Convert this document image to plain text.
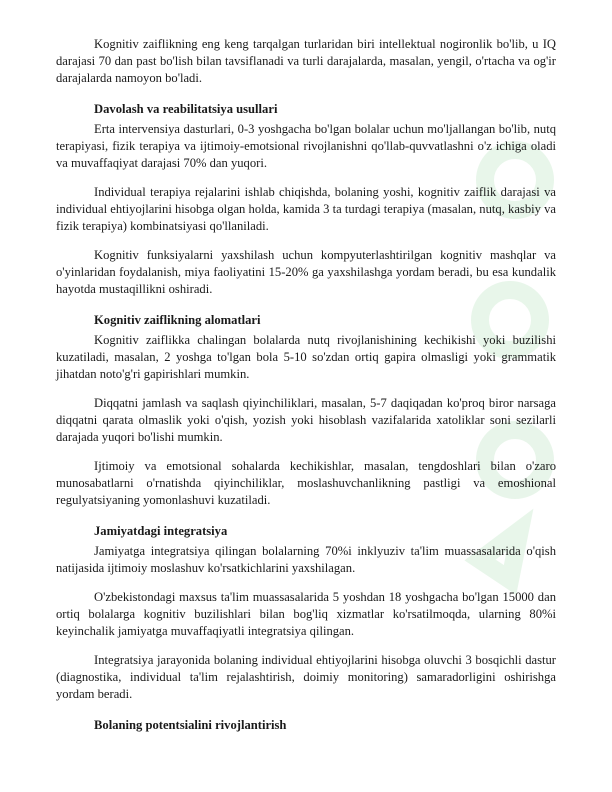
Kognitiv zaiflikning eng keng tarqalgan turlaridan biri intellektual nogironlik bo'lib, u IQ darajasi 70 dan past bo'lish bilan tavsiflanadi va turli darajalarda, masalan, yengil, o'rtacha va og'ir darajalarda namoyon bo'ladi.

Davolash va reabilitatsiya usullari

Erta intervensiya dasturlari, 0-3 yoshgacha bo'lgan bolalar uchun mo'ljallangan bo'lib, nutq terapiyasi, fizik terapiya va ijtimoiy-emotsional rivojlanishni qo'llab-quvvatlashni o'z ichiga oladi va muvaffaqiyat darajasi 70% dan yuqori.

Individual terapiya rejalarini ishlab chiqishda, bolaning yoshi, kognitiv zaiflik darajasi va individual ehtiyojlarini hisobga olgan holda, kamida 3 ta turdagi terapiya (masalan, nutq, kasbiy va fizik terapiya) kombinatsiyasi qo'llaniladi.

Kognitiv funksiyalarni yaxshilash uchun kompyuterlashtirilgan kognitiv mashqlar va o'yinlaridan foydalanish, miya faoliyatini 15-20% ga yaxshilashga yordam beradi, bu esa kundalik hayotda mustaqillikni oshiradi.

Kognitiv zaiflikning alomatlari

Kognitiv zaiflikka chalingan bolalarda nutq rivojlanishining kechikishi yoki buzilishi kuzatiladi, masalan, 2 yoshga to'lgan bola 5-10 so'zdan ortiq gapira olmasligi yoki grammatik jihatdan noto'g'ri gapirishlari mumkin.

Diqqatni jamlash va saqlash qiyinchiliklari, masalan, 5-7 daqiqadan ko'proq biror narsaga diqqatni qarata olmaslik yoki o'qish, yozish yoki hisoblash vazifalarida xatoliklar soni sezilarli darajada yuqori bo'lishi mumkin.

Ijtimoiy va emotsional sohalarda kechikishlar, masalan, tengdoshlari bilan o'zaro munosabatlarni o'rnatishda qiyinchiliklar, moslashuvchanlikning pastligi va emoshional regulyatsiyaning yomonlashuvi kuzatiladi.

Jamiyatdagi integratsiya

Jamiyatga integratsiya qilingan bolalarning 70%i inklyuziv ta'lim muassasalarida o'qish natijasida ijtimoiy moslashuv ko'rsatkichlarini yaxshilagan.

O'zbekistondagi maxsus ta'lim muassasalarida 5 yoshdan 18 yoshgacha bo'lgan 15000 dan ortiq bolalarga kognitiv buzilishlari bilan bog'liq xizmatlar ko'rsatilmoqda, ularning 80%i keyinchalik jamiyatga muvaffaqiyatli integratsiya qilingan.

Integratsiya jarayonida bolaning individual ehtiyojlarini hisobga oluvchi 3 bosqichli dastur (diagnostika, individual ta'lim rejalashtirish, doimiy monitoring) samaradorligini oshirishga yordam beradi.

Bolaning potentsialini rivojlantirish
